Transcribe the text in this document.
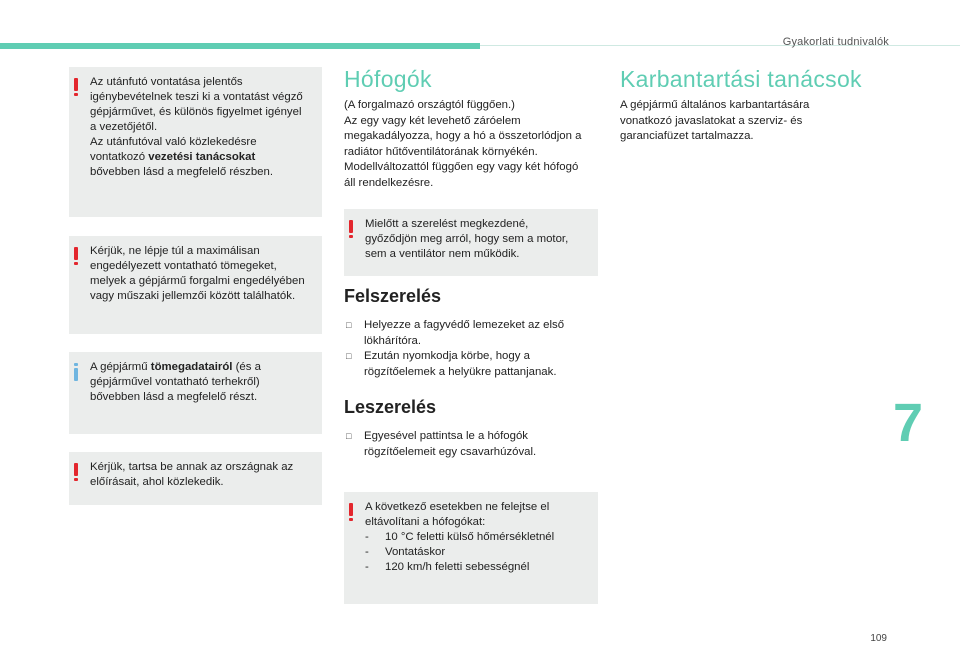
Gyakorlati tudnivalók
7
109

Az utánfutó vontatása jelentős

igénybevételnek teszi ki a vontatást végző

gépjárművet, és különös figyelmet igényel

a vezetőjétől.

Az utánfutóval való közlekedésre

vontatkozó vezetési tanácsokat

bővebben lásd a megfelelő részben.

Kérjük, ne lépje túl a maximálisan

engedélyezett vontatható tömegeket,

melyek a gépjármű forgalmi engedélyében

vagy műszaki jellemzői között találhatók.

A gépjármű tömegadatairól (és a

gépjárművel vontatható terhekről)

bővebben lásd a megfelelő részt.

Kérjük, tartsa be annak az országnak az

előírásait, ahol közlekedik.

Hófogók

(A forgalmazó országtól függően.)

Az egy vagy két levehető záróelem

megakadályozza, hogy a hó a összetorlódjon a

radiátor hűtőventilátorának környékén.

Modellváltozattól függően egy vagy két hófogó

áll rendelkezésre.

Mielőtt a szerelést megkezdené,

győződjön meg arról, hogy sem a motor,

sem a ventilátor nem működik.

Felszerelés
□ Helyezze a fagyvédő lemezeket az első
lökhárítóra.
□ Ezután nyomkodja körbe, hogy a
rögzítőelemek a helyükre pattanjanak.
Leszerelés
□ Egyesével pattintsa le a hófogók
rögzítőelemeit egy csavarhúzóval.

A következő esetekben ne felejtse el

eltávolítani a hófogókat:

- 10 °C feletti külső hőmérsékletnél
- Vontatáskor
- 120 km/h feletti sebességnél
Karbantartási tanácsok

A gépjármű általános karbantartására

vonatkozó javaslatokat a szerviz- és

garanciafüzet tartalmazza.
